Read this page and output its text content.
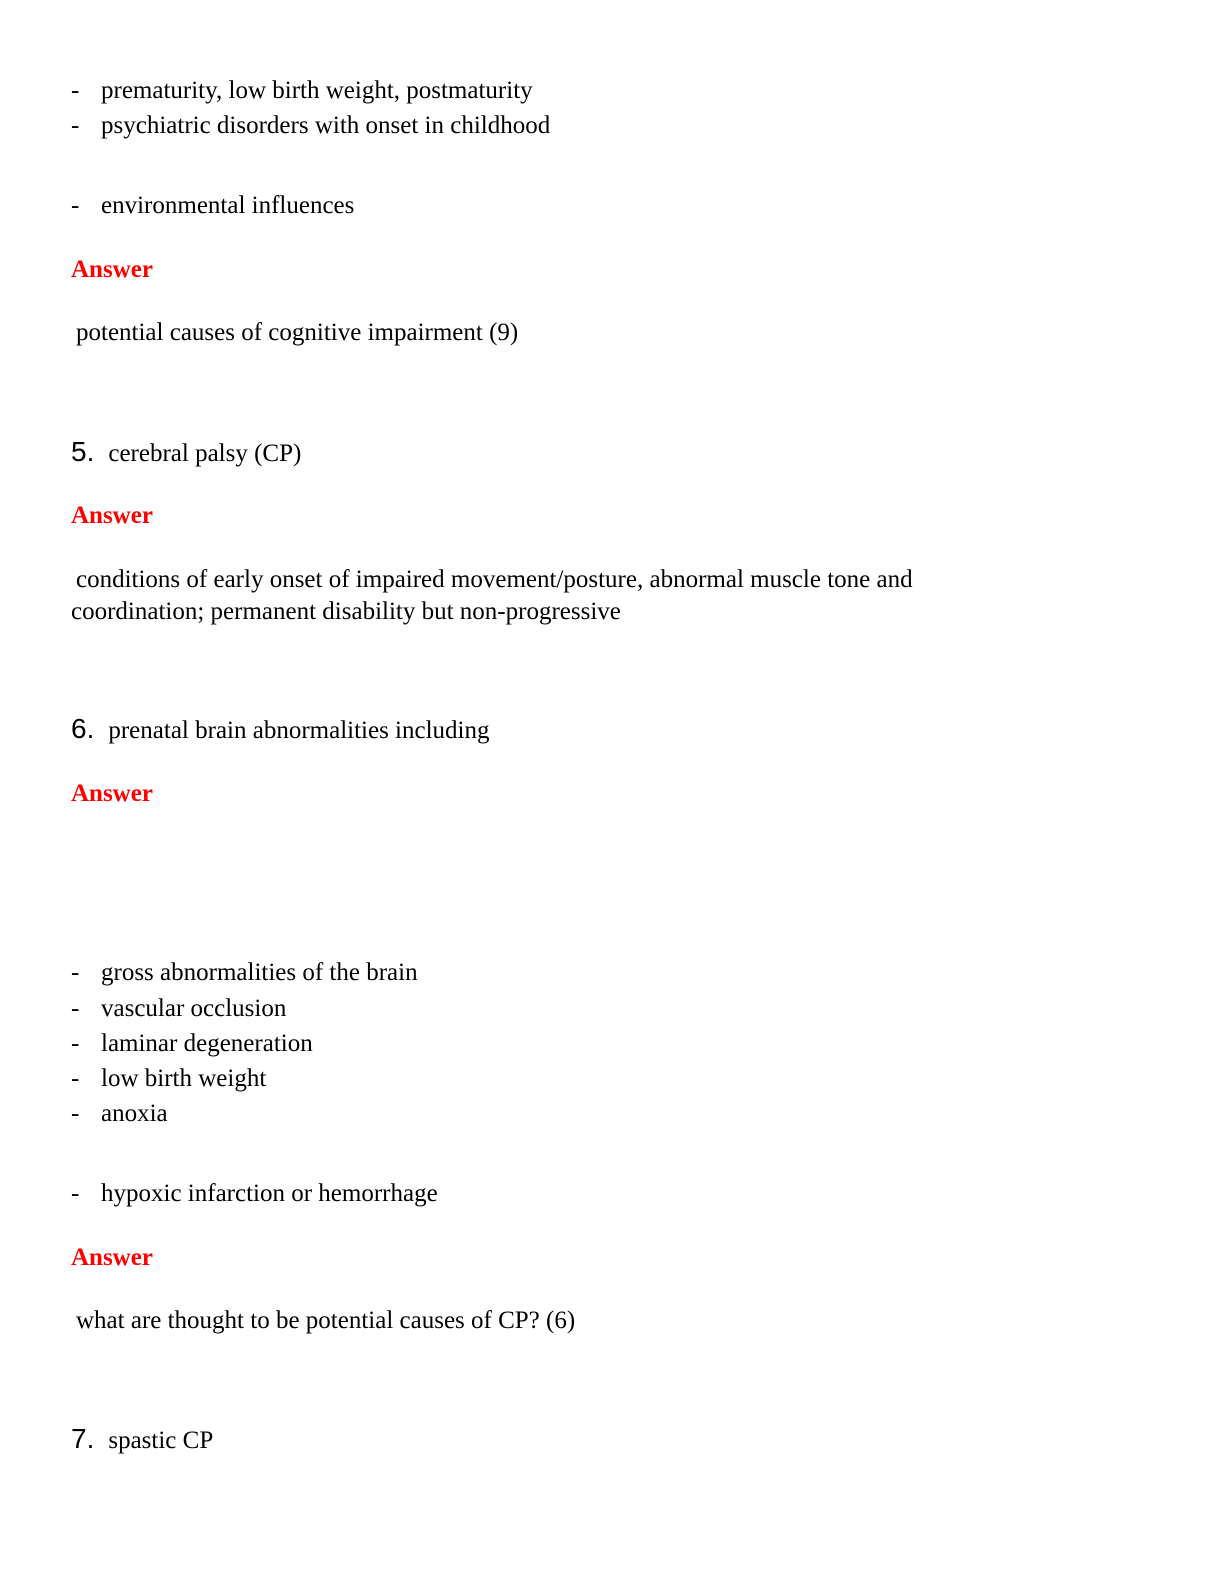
- prematurity, low birth weight, postmaturity
- psychiatric disorders with onset in childhood
- environmental influences
Answer
potential causes of cognitive impairment (9)
5. cerebral palsy (CP)
Answer
conditions of early onset of impaired movement/posture, abnormal muscle tone and
coordination; permanent disability but non-progressive
6. prenatal brain abnormalities including
Answer
- gross abnormalities of the brain
- vascular occlusion
- laminar degeneration
- low birth weight
- anoxia
- hypoxic infarction or hemorrhage
Answer
what are thought to be potential causes of CP? (6)
7. spastic CP
